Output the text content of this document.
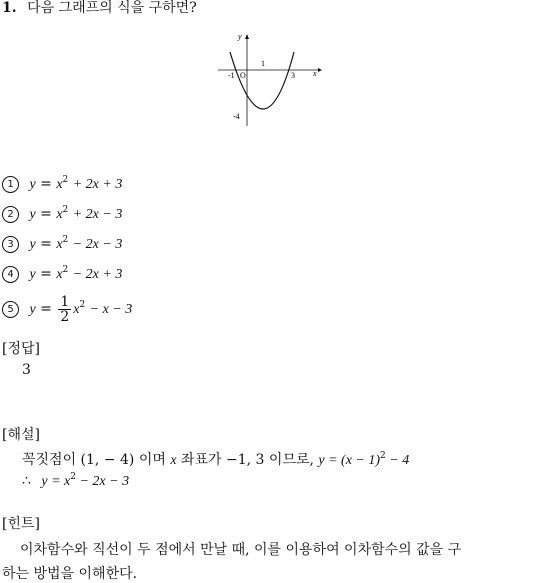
1. 다음 그래프의 식을 구하면?
y
x
O
-1	3
1
-4
1 $y = x^2 + 2x + 3$
2 $y = x^2 + 2x - 3$
3 $y = x^2 - 2x - 3$
4 $y = x^2 - 2x + 3$
5 $y = \frac{1}{2} x^2 - x - 3$
[정답]
3
[해설]
꼭짓점이 (1, − 4) 이며 x 좌표가 −1, 3 이므로, $y = (x - 1)^2 - 4$
∴ $y = x^2 - 2x - 3$
[힌트]
이차함수와 직선이 두 점에서 만날 때, 이를 이용하여 이차함수의 값을 구
하는 방법을 이해한다.
